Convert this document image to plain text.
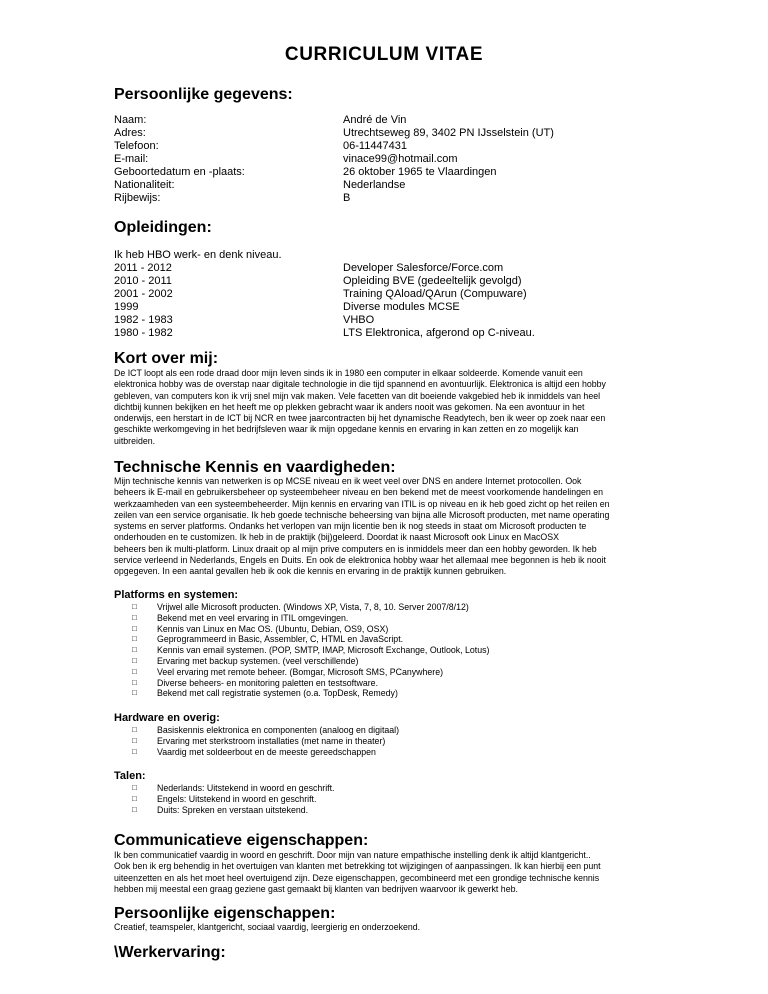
CURRICULUM VITAE
Persoonlijke gegevens:
Naam:	André de Vin
Adres:	Utrechtseweg 89, 3402 PN IJsselstein (UT)
Telefoon:	06-11447431
E-mail:	vinace99@hotmail.com
Geboortedatum en -plaats:	26 oktober 1965 te Vlaardingen
Nationaliteit:	Nederlandse
Rijbewijs:	B
Opleidingen:
Ik heb HBO werk- en denk niveau.
2011 - 2012	Developer Salesforce/Force.com
2010 - 2011	Opleiding BVE (gedeeltelijk gevolgd)
2001 - 2002	Training QAload/QArun (Compuware)
1999	Diverse modules MCSE
1982 - 1983	VHBO
1980 - 1982	LTS Elektronica, afgerond op C-niveau.
Kort over mij:
De ICT loopt als een rode draad door mijn leven sinds ik in 1980 een computer in elkaar soldeerde. Komende vanuit een
elektronica hobby was de overstap naar digitale technologie in die tijd spannend en avontuurlijk. Elektronica is altijd een hobby
gebleven, van computers kon ik vrij snel mijn vak maken. Vele facetten van dit boeiende vakgebied heb ik inmiddels van heel
dichtbij kunnen bekijken en het heeft me op plekken gebracht waar ik anders nooit was gekomen. Na een avontuur in het
onderwijs, een herstart in de ICT bij NCR en twee jaarcontracten bij het dynamische Readytech, ben ik weer op zoek naar een
geschikte werkomgeving in het bedrijfsleven waar ik mijn opgedane kennis en ervaring in kan zetten en zo mogelijk kan
uitbreiden.
Technische Kennis en vaardigheden:
Mijn technische kennis van netwerken is op MCSE niveau en ik weet veel over DNS en andere Internet protocollen. Ook
beheers ik E-mail en gebruikersbeheer op systeembeheer niveau en ben bekend met de meest voorkomende handelingen en
werkzaamheden van een systeembeheerder. Mijn kennis en ervaring van ITIL is op niveau en ik heb goed zicht op het reilen en
zeilen van een service organisatie. Ik heb goede technische beheersing van bijna alle Microsoft producten, met name operating
systems en server platforms. Ondanks het verlopen van mijn licentie ben ik nog steeds in staat om Microsoft producten te
onderhouden en te customizen. Ik heb in de praktijk (bij)geleerd. Doordat ik naast Microsoft ook Linux en MacOSX
beheers ben ik multi-platform. Linux draait op al mijn prive computers en is inmiddels meer dan een hobby geworden. Ik heb
service verleend in Nederlands, Engels en Duits. En ook de elektronica hobby waar het allemaal mee begonnen is heb ik nooit
opgegeven. In een aantal gevallen heb ik ook die kennis en ervaring in de praktijk kunnen gebruiken.
Platforms en systemen:
□ Vrijwel alle Microsoft producten. (Windows XP, Vista, 7, 8, 10. Server 2007/8/12)
□ Bekend met en veel ervaring in ITIL omgevingen.
□ Kennis van Linux en Mac OS. (Ubuntu, Debian, OS9, OSX)
□ Geprogrammeerd in Basic, Assembler, C, HTML en JavaScript.
□ Kennis van email systemen. (POP, SMTP, IMAP, Microsoft Exchange, Outlook, Lotus)
□ Ervaring met backup systemen. (veel verschillende)
□ Veel ervaring met remote beheer. (Bomgar, Microsoft SMS, PCanywhere)
□ Diverse beheers- en monitoring paletten en testsoftware.
□ Bekend met call registratie systemen (o.a. TopDesk, Remedy)
Hardware en overig:
□ Basiskennis elektronica en componenten (analoog en digitaal)
□ Ervaring met sterkstroom installaties (met name in theater)
□ Vaardig met soldeerbout en de meeste gereedschappen
Talen:
□ Nederlands: Uitstekend in woord en geschrift.
□ Engels: Uitstekend in woord en geschrift.
□ Duits: Spreken en verstaan uitstekend.
Communicatieve eigenschappen:
Ik ben communicatief vaardig in woord en geschrift. Door mijn van nature empathische instelling denk ik altijd klantgericht..
Ook ben ik erg behendig in het overtuigen van klanten met betrekking tot wijzigingen of aanpassingen. Ik kan hierbij een punt
uiteenzetten en als het moet heel overtuigend zijn. Deze eigenschappen, gecombineerd met een grondige technische kennis
hebben mij meestal een graag geziene gast gemaakt bij klanten van bedrijven waarvoor ik gewerkt heb.
Persoonlijke eigenschappen:
Creatief, teamspeler, klantgericht, sociaal vaardig, leergierig en onderzoekend.
\Werkervaring:
